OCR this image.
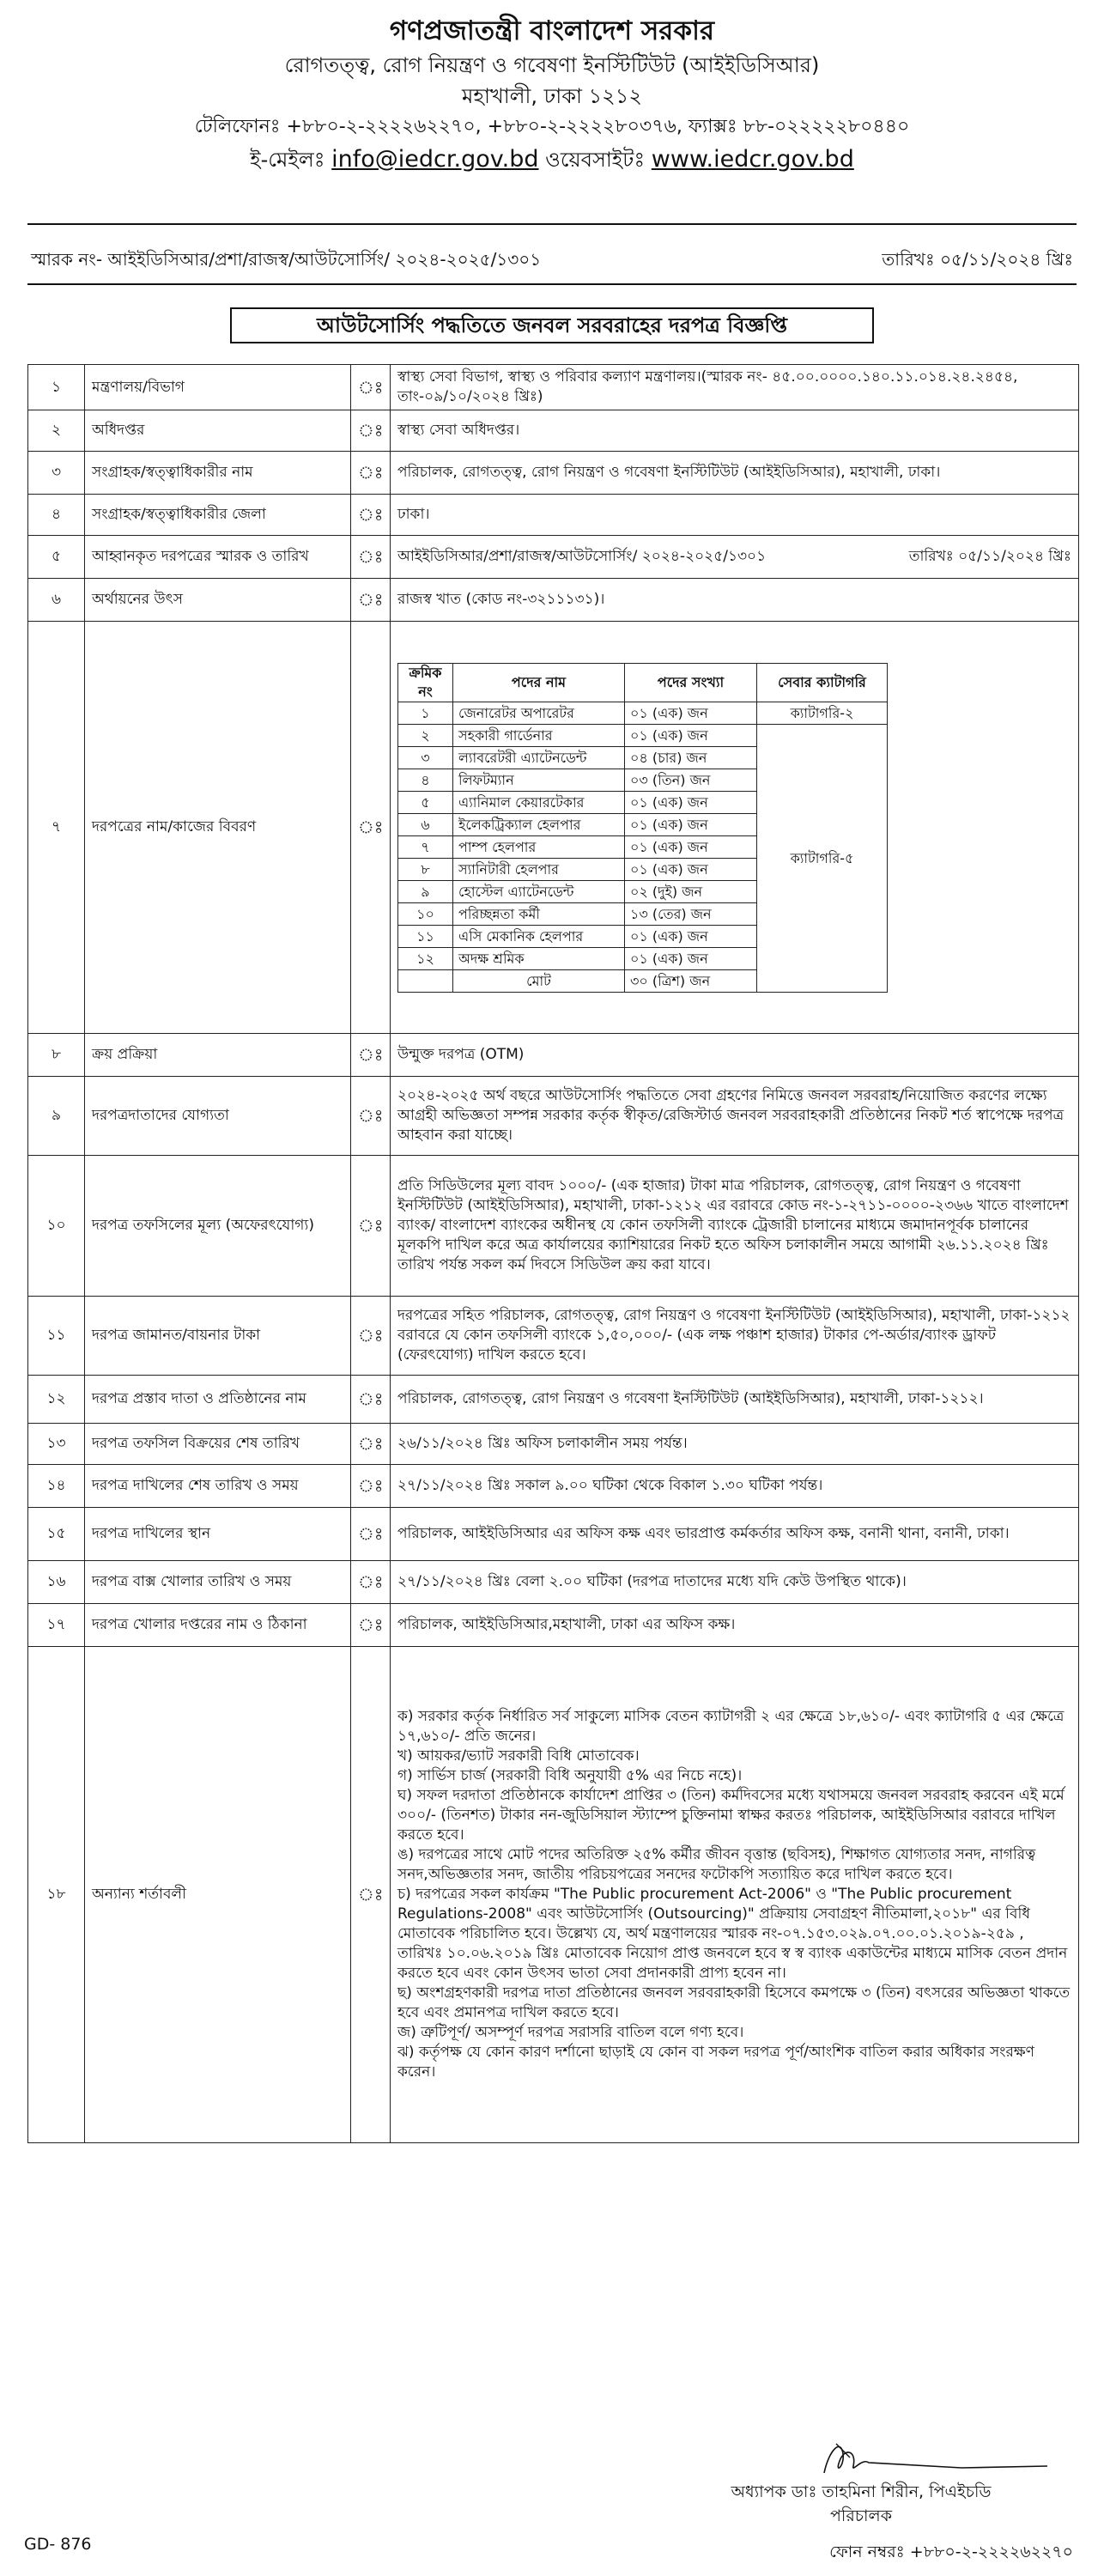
গণপ্রজাতন্ত্রী বাংলাদেশ সরকার
রোগতত্ত্ব, রোগ নিয়ন্ত্রণ ও গবেষণা ইনস্টিটিউট (আইইডিসিআর)
মহাখালী, ঢাকা ১২১২
টেলিফোনঃ +৮৮০-২-২২২২৬২২৭০, +৮৮০-২-২২২২৮০৩৭৬, ফ্যাক্সঃ ৮৮-০২২২২২৮০৪৪০
ই-মেইলঃ info@iedcr.gov.bd ওয়েবসাইটঃ www.iedcr.gov.bd
স্মারক নং- আইইডিসিআর/প্রশা/রাজস্ব/আউটসোর্সিং/ ২০২৪-২০২৫/১৩০১	তারিখঃ ০৫/১১/২০২৪ খ্রিঃ
আউটসোর্সিং পদ্ধতিতে জনবল সরবরাহের দরপত্র বিজ্ঞপ্তি
১	মন্ত্রণালয়/বিভাগ	ঃ	স্বাস্থ্য সেবা বিভাগ, স্বাস্থ্য ও পরিবার কল্যাণ মন্ত্রণালয়।(স্মারক নং- ৪৫.০০.০০০০.১৪০.১১.০১৪.২৪.২৪৫৪, তাং-০৯/১০/২০২৪ খ্রিঃ)
২	অধিদপ্তর	ঃ	স্বাস্থ্য সেবা অধিদপ্তর।
৩	সংগ্রাহক/স্বত্ত্বাধিকারীর নাম	ঃ	পরিচালক, রোগতত্ত্ব, রোগ নিয়ন্ত্রণ ও গবেষণা ইনস্টিটিউট (আইইডিসিআর), মহাখালী, ঢাকা।
৪	সংগ্রাহক/স্বত্ত্বাধিকারীর জেলা	ঃ	ঢাকা।
৫	আহ্বানকৃত দরপত্রের স্মারক ও তারিখ	ঃ	আইইডিসিআর/প্রশা/রাজস্ব/আউটসোর্সিং/ ২০২৪-২০২৫/১৩০১	তারিখঃ ০৫/১১/২০২৪ খ্রিঃ

৬	অর্থায়নের উৎস	ঃ	রাজস্ব খাত (কোড নং-৩২১১১৩১)।
৭	দরপত্রের নাম/কাজের বিবরণ	ঃ	
ক্রমিক নং	পদের নাম	পদের সংখ্যা	সেবার ক্যাটাগরি
১	জেনারেটর অপারেটর	০১ (এক) জন	ক্যাটাগরি-২
২	সহকারী গার্ডেনার	০১ (এক) জন	ক্যাটাগরি-৫
৩	ল্যাবরেটরী এ্যাটেনডেন্ট	০৪ (চার) জন
৪	লিফটম্যান	০৩ (তিন) জন
৫	এ্যানিমাল কেয়ারটেকার	০১ (এক) জন
৬	ইলেকট্রিক্যাল হেলপার	০১ (এক) জন
৭	পাম্প হেলপার	০১ (এক) জন
৮	স্যানিটারী হেলপার	০১ (এক) জন
৯	হোস্টেল এ্যাটেনডেন্ট	০২ (দুই) জন
১০	পরিচ্ছন্নতা কর্মী	১৩ (তের) জন
১১	এসি মেকানিক হেলপার	০১ (এক) জন
১২	অদক্ষ শ্রমিক	০১ (এক) জন
	মোট	৩০ (ত্রিশ) জন

৮	ক্রয় প্রক্রিয়া	ঃ	উন্মুক্ত দরপত্র (OTM)
৯	দরপত্রদাতাদের যোগ্যতা	ঃ	২০২৪-২০২৫ অর্থ বছরে আউটসোর্সিং পদ্ধতিতে সেবা গ্রহণের নিমিত্তে জনবল সরবরাহ/নিয়োজিত করণের লক্ষ্যে আগ্রহী অভিজ্ঞতা সম্পন্ন সরকার কর্তৃক স্বীকৃত/রেজিস্টার্ড জনবল সরবরাহকারী প্রতিষ্ঠানের নিকট শর্ত স্বাপেক্ষে দরপত্র আহবান করা যাচ্ছে।
১০	দরপত্র তফসিলের মূল্য (অফেরৎযোগ্য)	ঃ	প্রতি সিডিউলের মূল্য বাবদ ১০০০/- (এক হাজার) টাকা মাত্র পরিচালক, রোগতত্ত্ব, রোগ নিয়ন্ত্রণ ও গবেষণা ইনস্টিটিউট (আইইডিসিআর), মহাখালী, ঢাকা-১২১২ এর বরাবরে কোড নং-১-২৭১১-০০০০-২৩৬৬ খাতে বাংলাদেশ ব্যাংক/ বাংলাদেশ ব্যাংকের অধীনস্থ যে কোন তফসিলী ব্যাংকে ট্রেজারী চালানের মাধ্যমে জমাদানপূর্বক চালানের মূলকপি দাখিল করে অত্র কার্যালয়ের ক্যাশিয়ারের নিকট হতে অফিস চলাকালীন সময়ে আগামী ২৬.১১.২০২৪ খ্রিঃ তারিখ পর্যন্ত সকল কর্ম দিবসে সিডিউল ক্রয় করা যাবে।
১১	দরপত্র জামানত/বায়নার টাকা	ঃ	দরপত্রের সহিত পরিচালক, রোগতত্ত্ব, রোগ নিয়ন্ত্রণ ও গবেষণা ইনস্টিটিউট (আইইডিসিআর), মহাখালী, ঢাকা-১২১২ বরাবরে যে কোন তফসিলী ব্যাংকে ১,৫০,০০০/- (এক লক্ষ পঞ্চাশ হাজার) টাকার পে-অর্ডার/ব্যাংক ড্রাফট (ফেরৎযোগ্য) দাখিল করতে হবে।
১২	দরপত্র প্রস্তাব দাতা ও প্রতিষ্ঠানের নাম	ঃ	পরিচালক, রোগতত্ত্ব, রোগ নিয়ন্ত্রণ ও গবেষণা ইনস্টিটিউট (আইইডিসিআর), মহাখালী, ঢাকা-১২১২।
১৩	দরপত্র তফসিল বিক্রয়ের শেষ তারিখ	ঃ	২৬/১১/২০২৪ খ্রিঃ অফিস চলাকালীন সময় পর্যন্ত।
১৪	দরপত্র দাখিলের শেষ তারিখ ও সময়	ঃ	২৭/১১/২০২৪ খ্রিঃ সকাল ৯.০০ ঘটিকা থেকে বিকাল ১.৩০ ঘটিকা পর্যন্ত।
১৫	দরপত্র দাখিলের স্থান	ঃ	পরিচালক, আইইডিসিআর এর অফিস কক্ষ এবং ভারপ্রাপ্ত কর্মকর্তার অফিস কক্ষ, বনানী থানা, বনানী, ঢাকা।
১৬	দরপত্র বাক্স খোলার তারিখ ও সময়	ঃ	২৭/১১/২০২৪ খ্রিঃ বেলা ২.০০ ঘটিকা (দরপত্র দাতাদের মধ্যে যদি কেউ উপস্থিত থাকে)।
১৭	দরপত্র খোলার দপ্তরের নাম ও ঠিকানা	ঃ	পরিচালক, আইইডিসিআর,মহাখালী, ঢাকা এর অফিস কক্ষ।
১৮	অন্যান্য শর্তাবলী	ঃ	

ক) সরকার কর্তৃক নির্ধারিত সর্ব সাকুল্যে মাসিক বেতন ক্যাটাগরী ২ এর ক্ষেত্রে ১৮,৬১০/- এবং ক্যাটাগরি ৫ এর ক্ষেত্রে ১৭,৬১০/- প্রতি জনের।

খ) আয়কর/ভ্যাট সরকারী বিধি মোতাবেক।

গ) সার্ভিস চার্জ (সরকারী বিধি অনুযায়ী ৫% এর নিচে নহে)।

ঘ) সফল দরদাতা প্রতিষ্ঠানকে কার্যাদেশ প্রাপ্তির ৩ (তিন) কর্মদিবসের মধ্যে যথাসময়ে জনবল সরবরাহ করবেন এই মর্মে ৩০০/- (তিনশত) টাকার নন-জুডিসিয়াল স্ট্যাম্পে চুক্তিনামা স্বাক্ষর করতঃ পরিচালক, আইইডিসিআর বরাবরে দাখিল করতে হবে।

ঙ) দরপত্রের সাথে মোট পদের অতিরিক্ত ২৫% কর্মীর জীবন বৃত্তান্ত (ছবিসহ), শিক্ষাগত যোগ্যতার সনদ, নাগরিত্ব সনদ,অভিজ্ঞতার সনদ, জাতীয় পরিচয়পত্রের সনদের ফটোকপি সত্যায়িত করে দাখিল করতে হবে।

চ) দরপত্রের সকল কার্যক্রম "The Public procurement Act-2006" ও "The Public procurement Regulations-2008" এবং আউটসোর্সিং (Outsourcing)" প্রক্রিয়ায় সেবাগ্রহণ নীতিমালা,২০১৮" এর বিধি মোতাবেক পরিচালিত হবে। উল্লেখ্য যে, অর্থ মন্ত্রণালয়ের স্মারক নং-০৭.১৫৩.০২৯.০৭.০০.০১.২০১৯-২৫৯ , তারিখঃ ১০.০৬.২০১৯ খ্রিঃ মোতাবেক নিয়োগ প্রাপ্ত জনবলে হবে স্ব স্ব ব্যাংক একাউন্টের মাধ্যমে মাসিক বেতন প্রদান করতে হবে এবং কোন উৎসব ভাতা সেবা প্রদানকারী প্রাপ্য হবেন না।

ছ) অংশগ্রহণকারী দরপত্র দাতা প্রতিষ্ঠানের জনবল সরবরাহকারী হিসেবে কমপক্ষে ৩ (তিন) বৎসরের অভিজ্ঞতা থাকতে হবে এবং প্রমানপত্র দাখিল করতে হবে।

জ) ত্রুটিপূর্ণ/ অসম্পূর্ণ দরপত্র সরাসরি বাতিল বলে গণ্য হবে।

ঝ) কর্তৃপক্ষ যে কোন কারণ দর্শানো ছাড়াই যে কোন বা সকল দরপত্র পূর্ণ/আংশিক বাতিল করার অধিকার সংরক্ষণ করেন।

অধ্যাপক ডাঃ তাহমিনা শিরীন, পিএইচডি
পরিচালক
GD- 876	ফোন নম্বরঃ +৮৮০-২-২২২২৬২২৭০
